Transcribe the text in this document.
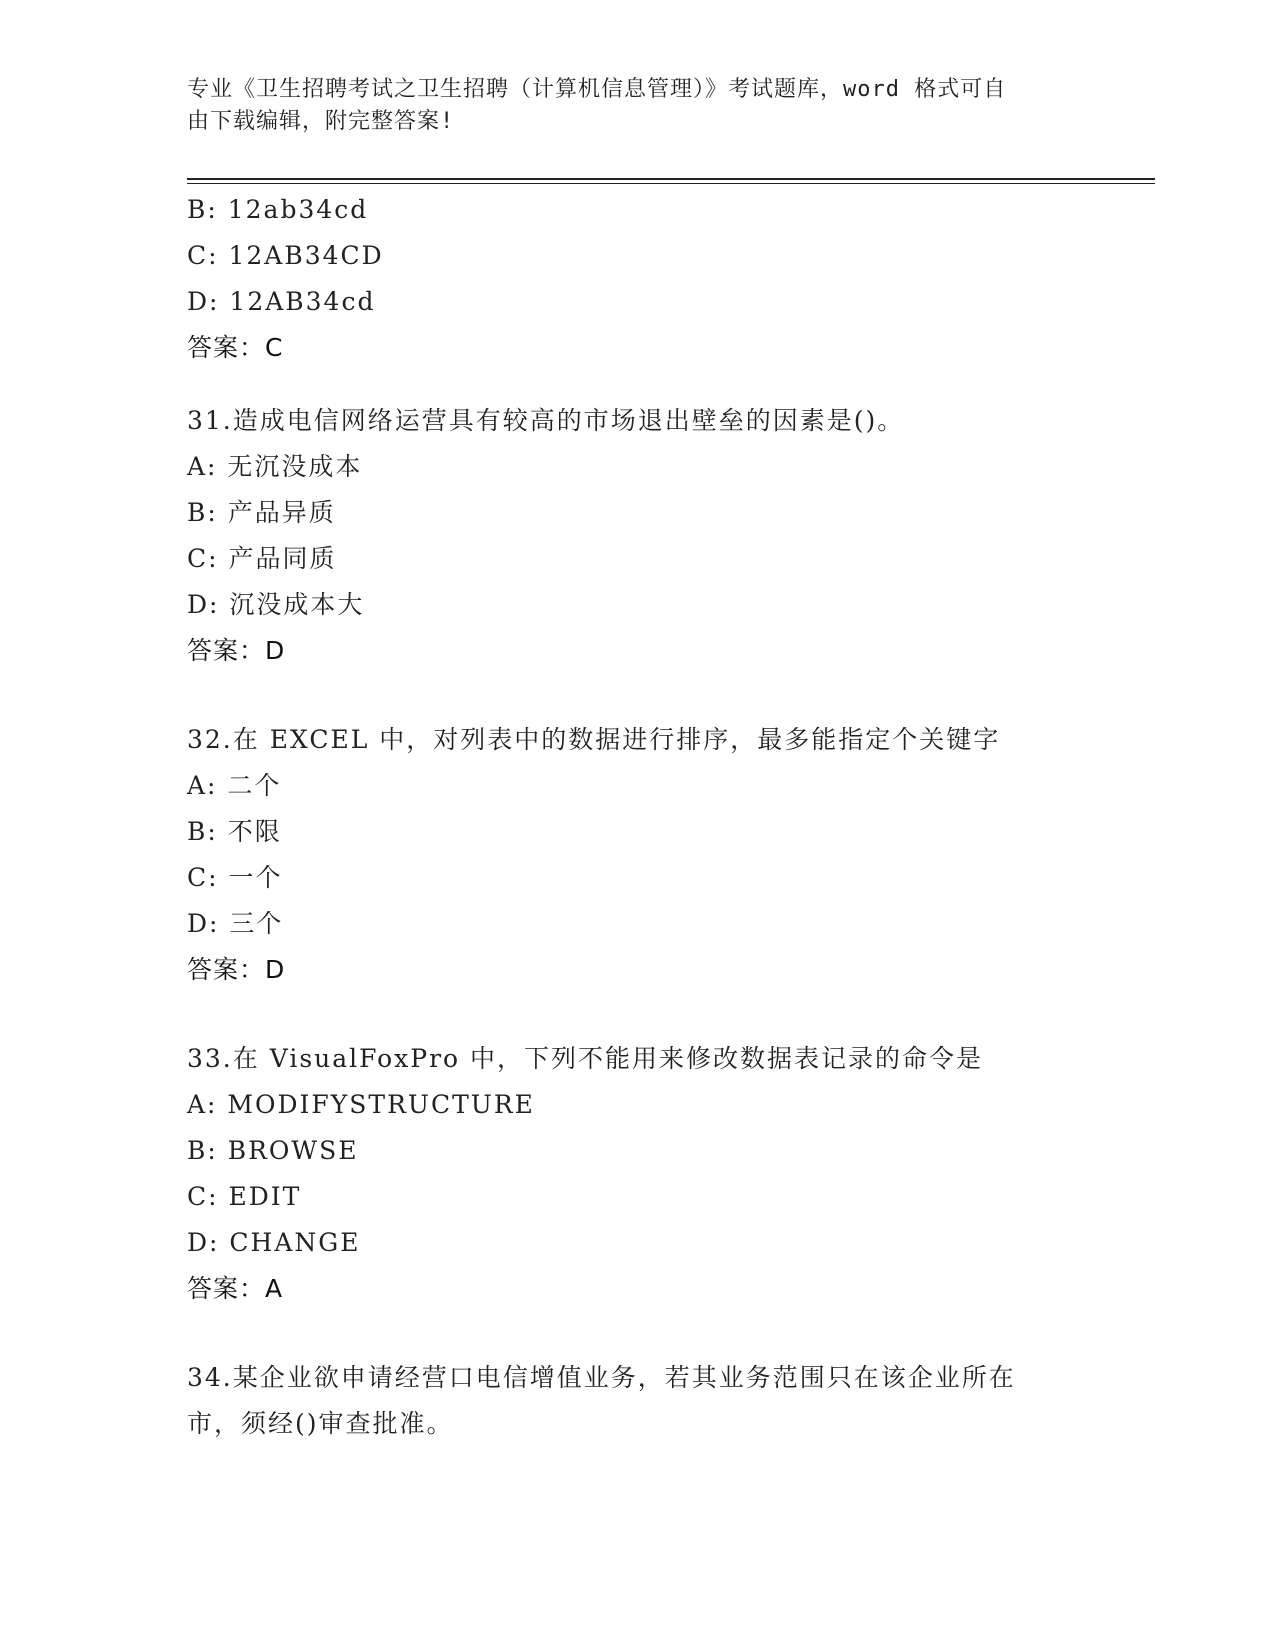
专业《卫生招聘考试之卫生招聘（计算机信息管理）》考试题库，word 格式可自
由下载编辑，附完整答案!
B: 12ab34cd
C: 12AB34CD
D: 12AB34cd
答案：C
31.造成电信网络运营具有较高的市场退出壁垒的因素是()。
A: 无沉没成本
B: 产品异质
C: 产品同质
D: 沉没成本大
答案：D
32.在 EXCEL 中，对列表中的数据进行排序，最多能指定个关键字
A: 二个
B: 不限
C: 一个
D: 三个
答案：D
33.在 VisualFoxPro 中，下列不能用来修改数据表记录的命令是
A: MODIFYSTRUCTURE
B: BROWSE
C: EDIT
D: CHANGE
答案：A
34.某企业欲申请经营口电信增值业务，若其业务范围只在该企业所在
市，须经()审查批准。
